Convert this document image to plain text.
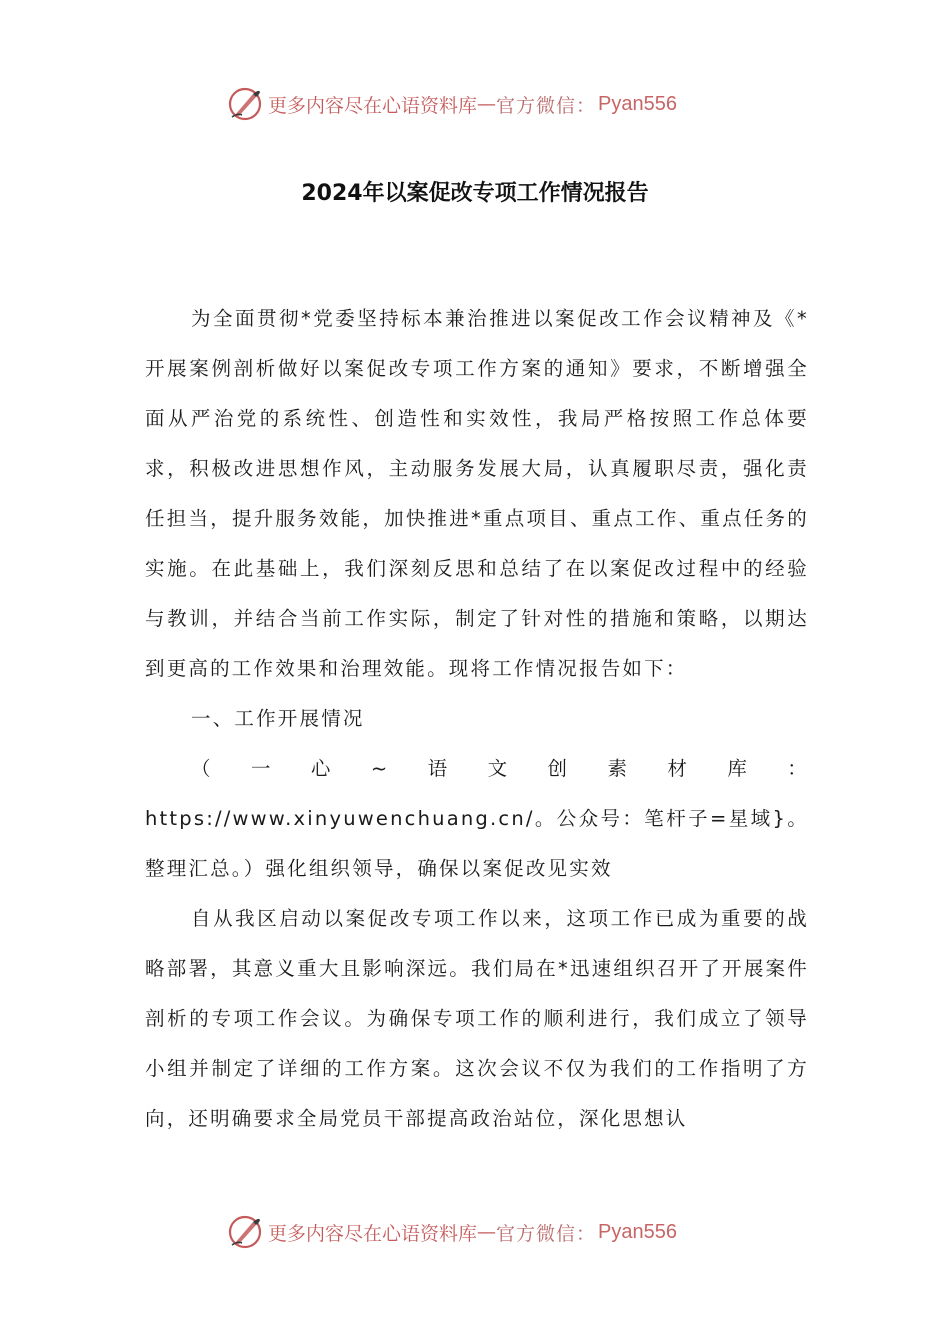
更多内容尽在心语资料库 — 官方微信： Pyan556
2024年以案促改专项工作情况报告

为全面贯彻*党委坚持标本兼治推进以案促改工作会议精神及《*开展案例剖析做好以案促改专项工作方案的通知》要求，不断增强全面从严治党的系统性、创造性和实效性，我局严格按照工作总体要求，积极改进思想作风，主动服务发展大局，认真履职尽责，强化责任担当，提升服务效能，加快推进*重点项目、重点工作、重点任务的实施。在此基础上，我们深刻反思和总结了在以案促改过程中的经验与教训，并结合当前工作实际，制定了针对性的措施和策略，以期达到更高的工作效果和治理效能。现将工作情况报告如下：

一、工作开展情况

（一心~语文创素材库：https://www.xinyuwenchuang.cn/。公众号：笔杆子=星域}。整理汇总。）强化组织领导，确保以案促改见实效

自从我区启动以案促改专项工作以来，这项工作已成为重要的战略部署，其意义重大且影响深远。我们局在*迅速组织召开了开展案件剖析的专项工作会议。为确保专项工作的顺利进行，我们成立了领导小组并制定了详细的工作方案。这次会议不仅为我们的工作指明了方向，还明确要求全局党员干部提高政治站位，深化思想认

更多内容尽在心语资料库 — 官方微信： Pyan556
